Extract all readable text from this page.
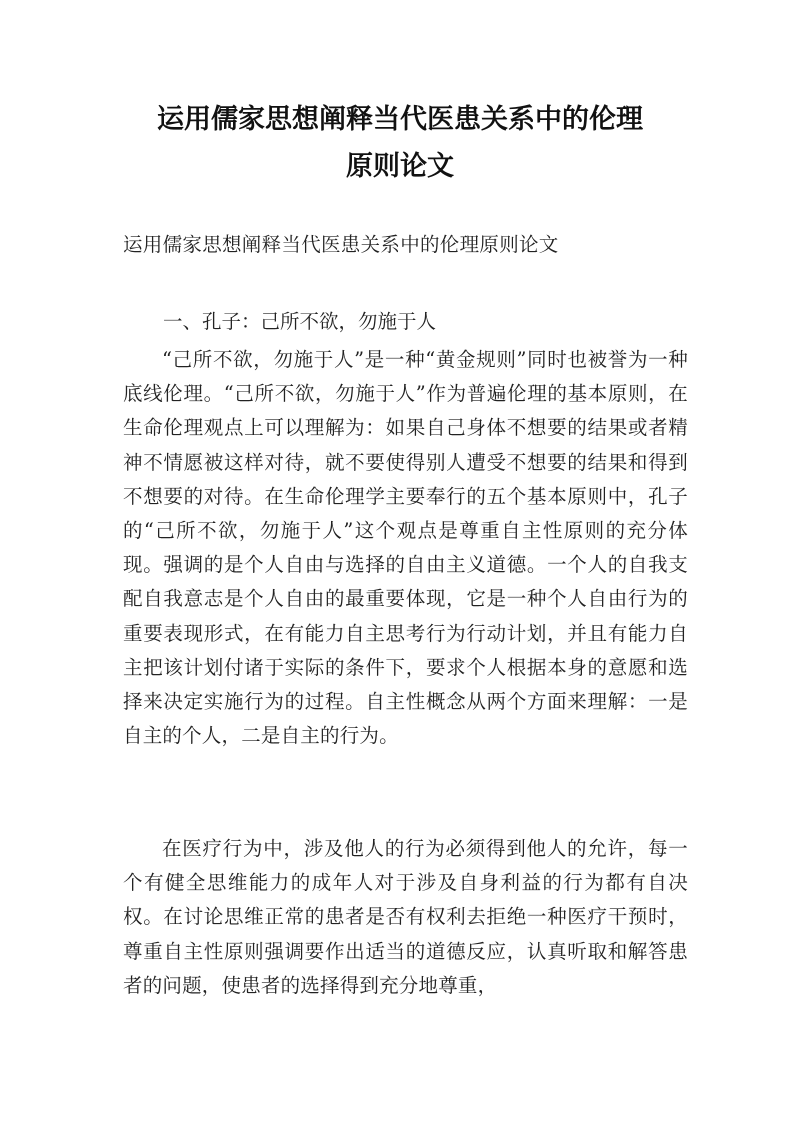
运用儒家思想阐释当代医患关系中的伦理
原则论文
运用儒家思想阐释当代医患关系中的伦理原则论文
一、孔子：己所不欲，勿施于人

“己所不欲，勿施于人”是一种“黄金规则”同时也被誉为一种底线伦理。“己所不欲，勿施于人”作为普遍伦理的基本原则，在生命伦理观点上可以理解为：如果自己身体不想要的结果或者精神不情愿被这样对待，就不要使得别人遭受不想要的结果和得到不想要的对待。在生命伦理学主要奉行的五个基本原则中，孔子的“己所不欲，勿施于人”这个观点是尊重自主性原则的充分体现。强调的是个人自由与选择的自由主义道德。一个人的自我支配自我意志是个人自由的最重要体现，它是一种个人自由行为的重要表现形式，在有能力自主思考行为行动计划，并且有能力自主把该计划付诸于实际的条件下，要求个人根据本身的意愿和选择来决定实施行为的过程。自主性概念从两个方面来理解：一是自主的个人，二是自主的行为。

在医疗行为中，涉及他人的行为必须得到他人的允许，每一个有健全思维能力的成年人对于涉及自身利益的行为都有自决权。在讨论思维正常的患者是否有权利去拒绝一种医疗干预时，尊重自主性原则强调要作出适当的道德反应，认真听取和解答患者的问题，使患者的选择得到充分地尊重，
